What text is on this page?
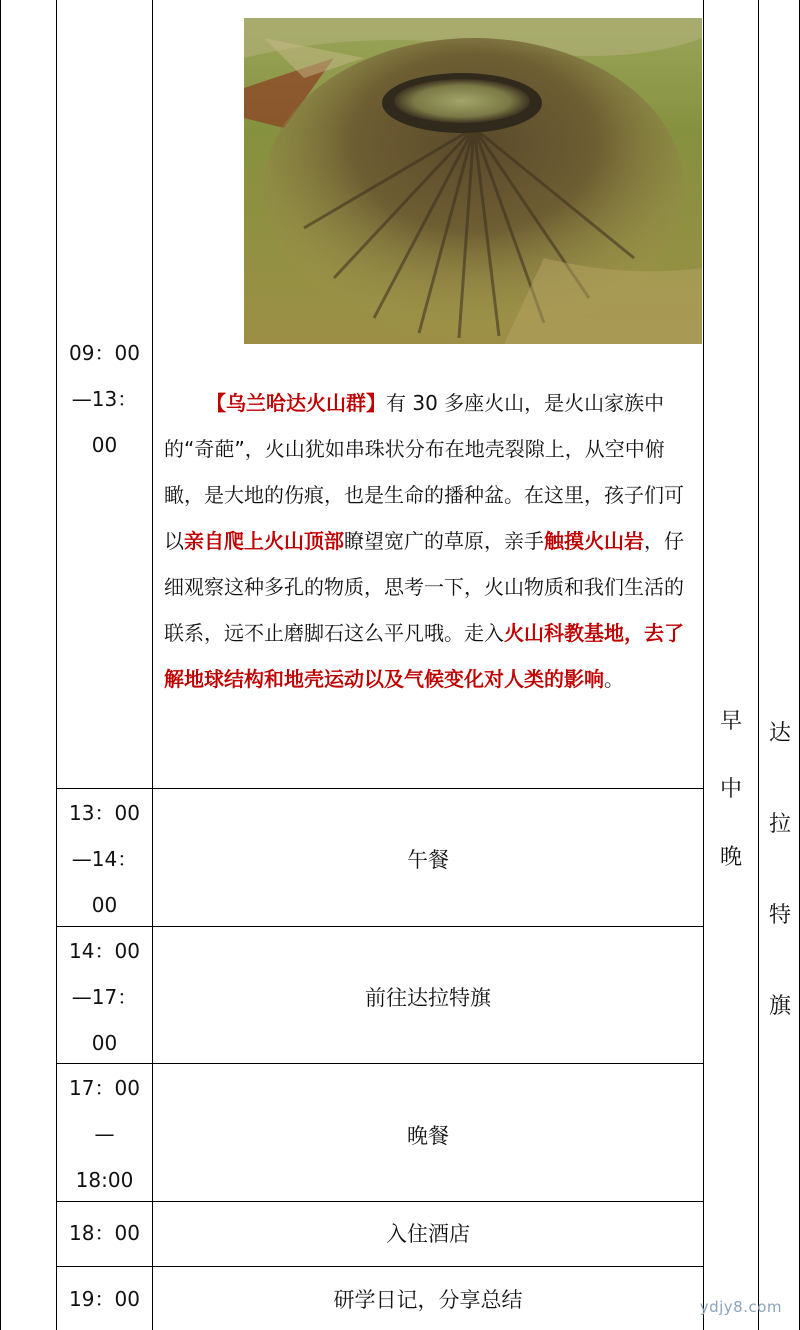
09：00
—13：
00
【乌兰哈达火山群】有 30 多座火山，是火山家族中的“奇葩”，火山犹如串珠状分布在地壳裂隙上，从空中俯瞰，是大地的伤痕，也是生命的播种盆。在这里，孩子们可以亲自爬上火山顶部瞭望宽广的草原，亲手触摸火山岩，仔细观察这种多孔的物质，思考一下，火山物质和我们生活的联系，远不止磨脚石这么平凡哦。走入火山科教基地，去了解地球结构和地壳运动以及气候变化对人类的影响。
13：00
—14：
00
午餐
14：00
—17：
00
前往达拉特旗
17：00
—
18:00
晚餐
18：00	入住酒店
19：00	研学日记，分享总结
早
中
晚
达
拉
特
旗
ydjy8.com
